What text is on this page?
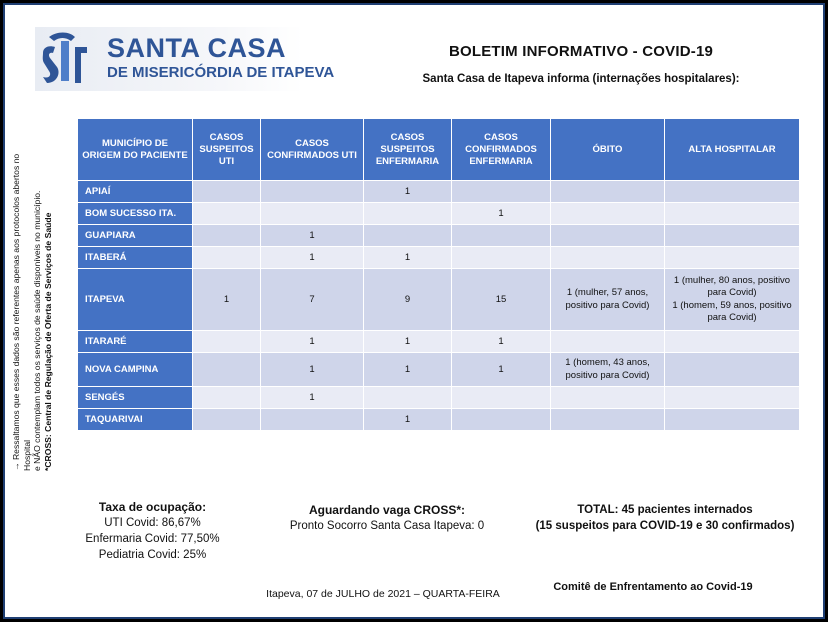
SANTA CASA
DE MISERICÓRDIA DE ITAPEVA
BOLETIM INFORMATIVO - COVID-19
Santa Casa de Itapeva informa (internações hospitalares):
→ Ressaltamos que esses dados são referentes apenas aos protocolos abertos no Hospital e NÃO contemplam todos os serviços de saúde disponíveis no município. *CROSS: Central de Regulação de Oferta de Serviços de Saúde
MUNICÍPIO DE ORIGEM DO PACIENTE	CASOS SUSPEITOS UTI	CASOS CONFIRMADOS UTI	CASOS SUSPEITOS ENFERMARIA	CASOS CONFIRMADOS ENFERMARIA	ÓBITO	ALTA HOSPITALAR
APIAÍ			1			
BOM SUCESSO ITA.				1		
GUAPIARA		1				
ITABERÁ		1	1			
ITAPEVA	1	7	9	15	1 (mulher, 57 anos, positivo para Covid)	1 (mulher, 80 anos, positivo para Covid)
1 (homem, 59 anos, positivo para Covid)

ITARARÉ		1	1	1		
NOVA CAMPINA		1	1	1	1 (homem, 43 anos, positivo para Covid)	

SENGÉS		1				
TAQUARIVAI			1			
Taxa de ocupação:
UTI Covid: 86,67%
Enfermaria Covid: 77,50%
Pediatria Covid: 25%
Aguardando vaga CROSS*:
Pronto Socorro Santa Casa Itapeva: 0
TOTAL: 45 pacientes internados
(15 suspeitos para COVID-19 e 30 confirmados)
Itapeva, 07 de JULHO de 2021 – QUARTA-FEIRA
Comitê de Enfrentamento ao Covid-19
